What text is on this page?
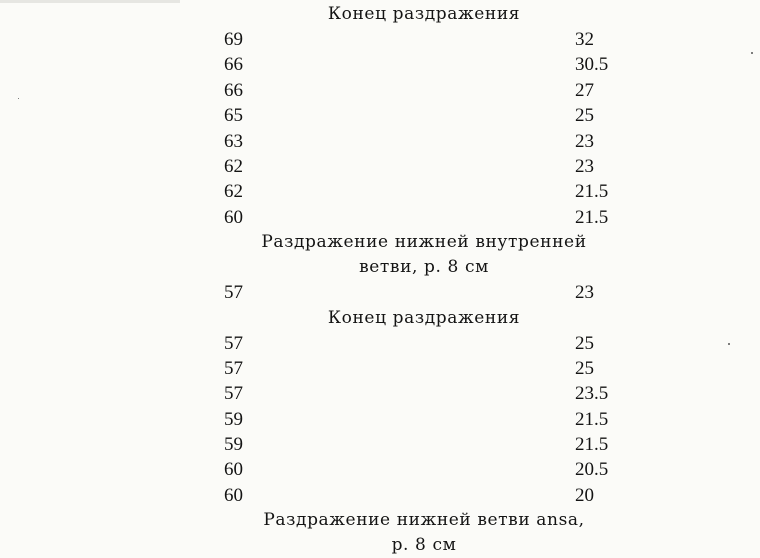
Конец раздражения
69	32
66	30.5
66	27
65	25
63	23
62	23
62	21.5
60	21.5
Раздражение нижней внутренней
ветви, р. 8 см
57	23
Конец раздражения
57	25
57	25
57	23.5
59	21.5
59	21.5
60	20.5
60	20
Раздражение нижней ветви ansa,
р. 8 см
